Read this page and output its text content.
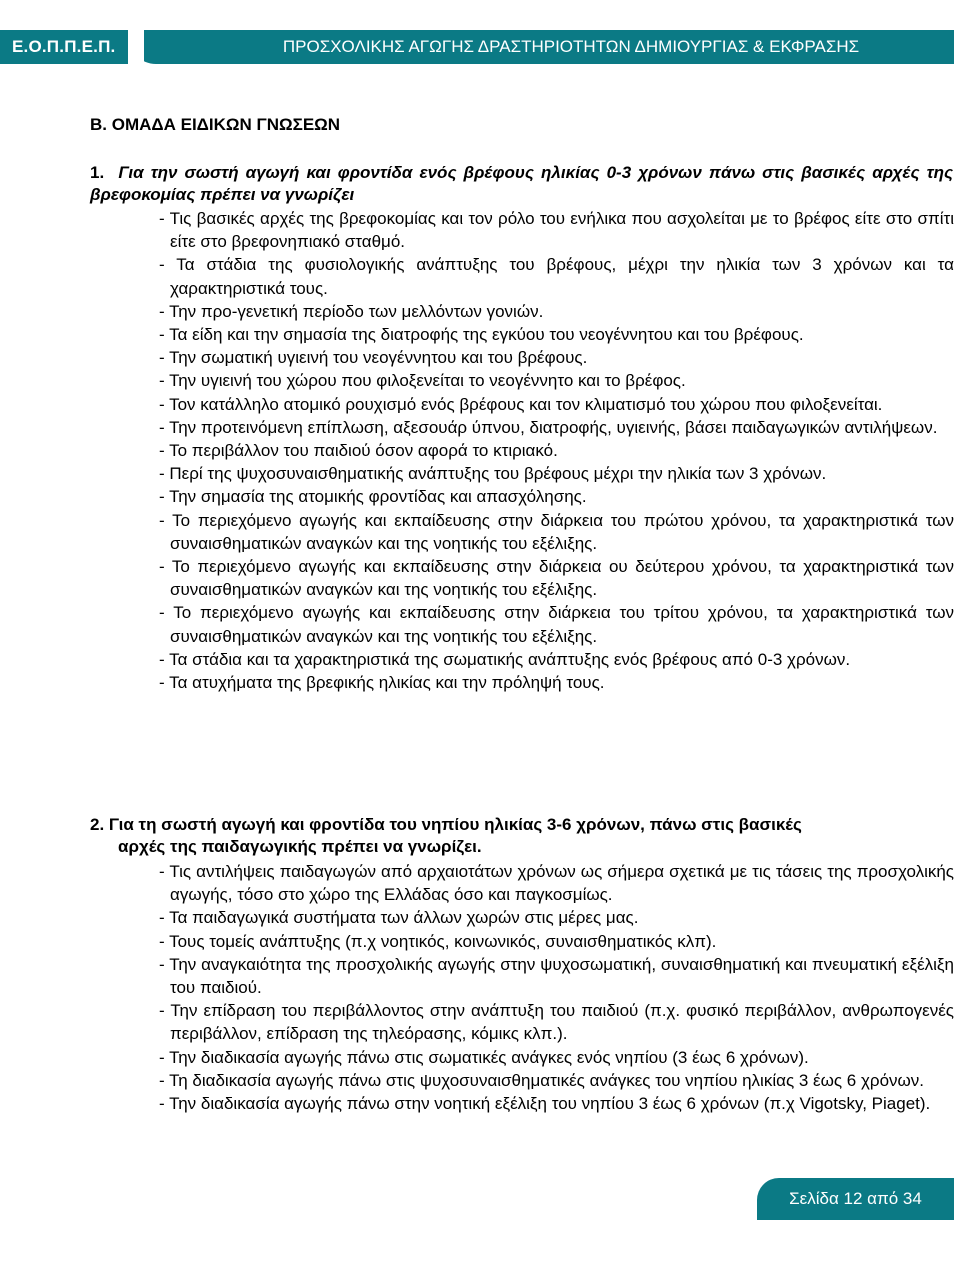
Ε.Ο.Π.Π.Ε.Π.	ΠΡΟΣΧΟΛΙΚΗΣ ΑΓΩΓΗΣ ΔΡΑΣΤΗΡΙΟΤΗΤΩΝ ΔΗΜΙΟΥΡΓΙΑΣ & ΕΚΦΡΑΣΗΣ
Β. ΟΜΑΔΑ ΕΙΔΙΚΩΝ ΓΝΩΣΕΩΝ
1. Για την σωστή αγωγή και φροντίδα ενός βρέφους ηλικίας 0-3 χρόνων πάνω στις βασικές αρχές της βρεφοκομίας πρέπει να γνωρίζει
- Τις βασικές αρχές της βρεφοκομίας και τον ρόλο του ενήλικα που ασχολείται με το βρέφος είτε στο σπίτι είτε στο βρεφονηπιακό σταθμό.
- Τα στάδια της φυσιολογικής ανάπτυξης του βρέφους, μέχρι την ηλικία των 3 χρόνων και τα χαρακτηριστικά τους.
- Την προ-γενετική περίοδο των μελλόντων γονιών.
- Τα είδη και την σημασία της διατροφής της εγκύου του νεογέννητου και του βρέφους.
- Την σωματική υγιεινή του νεογέννητου και του βρέφους.
- Την υγιεινή του χώρου που φιλοξενείται το νεογέννητο και το βρέφος.
- Τον κατάλληλο ατομικό ρουχισμό ενός βρέφους και τον κλιματισμό του χώρου που φιλοξενείται.
- Την προτεινόμενη επίπλωση, αξεσουάρ ύπνου, διατροφής, υγιεινής, βάσει παιδαγωγικών αντιλήψεων.
- Το περιβάλλον του παιδιού όσον αφορά το κτιριακό.
- Περί της ψυχοσυναισθηματικής ανάπτυξης του βρέφους μέχρι την ηλικία των 3 χρόνων.
- Την σημασία της ατομικής φροντίδας και απασχόλησης.
- Το περιεχόμενο αγωγής και εκπαίδευσης στην διάρκεια του πρώτου χρόνου, τα χαρακτηριστικά των συναισθηματικών αναγκών και της νοητικής του εξέλιξης.
- Το περιεχόμενο αγωγής και εκπαίδευσης στην διάρκεια ου δεύτερου χρόνου, τα χαρακτηριστικά των συναισθηματικών αναγκών και της νοητικής του εξέλιξης.
- Το περιεχόμενο αγωγής και εκπαίδευσης στην διάρκεια του τρίτου χρόνου, τα χαρακτηριστικά των συναισθηματικών αναγκών και της νοητικής του εξέλιξης.
- Τα στάδια και τα χαρακτηριστικά της σωματικής ανάπτυξης ενός βρέφους από 0-3 χρόνων.
- Τα ατυχήματα της βρεφικής ηλικίας και την πρόληψή τους.
2. Για τη σωστή αγωγή και φροντίδα του νηπίου ηλικίας 3-6 χρόνων, πάνω στις βασικές
αρχές της παιδαγωγικής πρέπει να γνωρίζει.
- Τις αντιλήψεις παιδαγωγών από αρχαιοτάτων χρόνων ως σήμερα σχετικά με τις τάσεις της προσχολικής αγωγής, τόσο στο χώρο της Ελλάδας όσο και παγκοσμίως.
- Τα παιδαγωγικά συστήματα των άλλων χωρών στις μέρες μας.
- Τους τομείς ανάπτυξης (π.χ νοητικός, κοινωνικός, συναισθηματικός κλπ).
- Την αναγκαιότητα της προσχολικής αγωγής στην ψυχοσωματική, συναισθηματική και πνευματική εξέλιξη του παιδιού.
- Την επίδραση του περιβάλλοντος στην ανάπτυξη του παιδιού (π.χ. φυσικό περιβάλλον, ανθρωπογενές περιβάλλον, επίδραση της τηλεόρασης, κόμικς κλπ.).
- Την διαδικασία αγωγής πάνω στις σωματικές ανάγκες ενός νηπίου (3 έως 6 χρόνων).
- Τη διαδικασία αγωγής πάνω στις ψυχοσυναισθηματικές ανάγκες του νηπίου ηλικίας 3 έως 6 χρόνων.
- Την διαδικασία αγωγής πάνω στην νοητική εξέλιξη του νηπίου 3 έως 6 χρόνων (π.χ Vigotsky, Piaget).
Σελίδα 12 από 34
